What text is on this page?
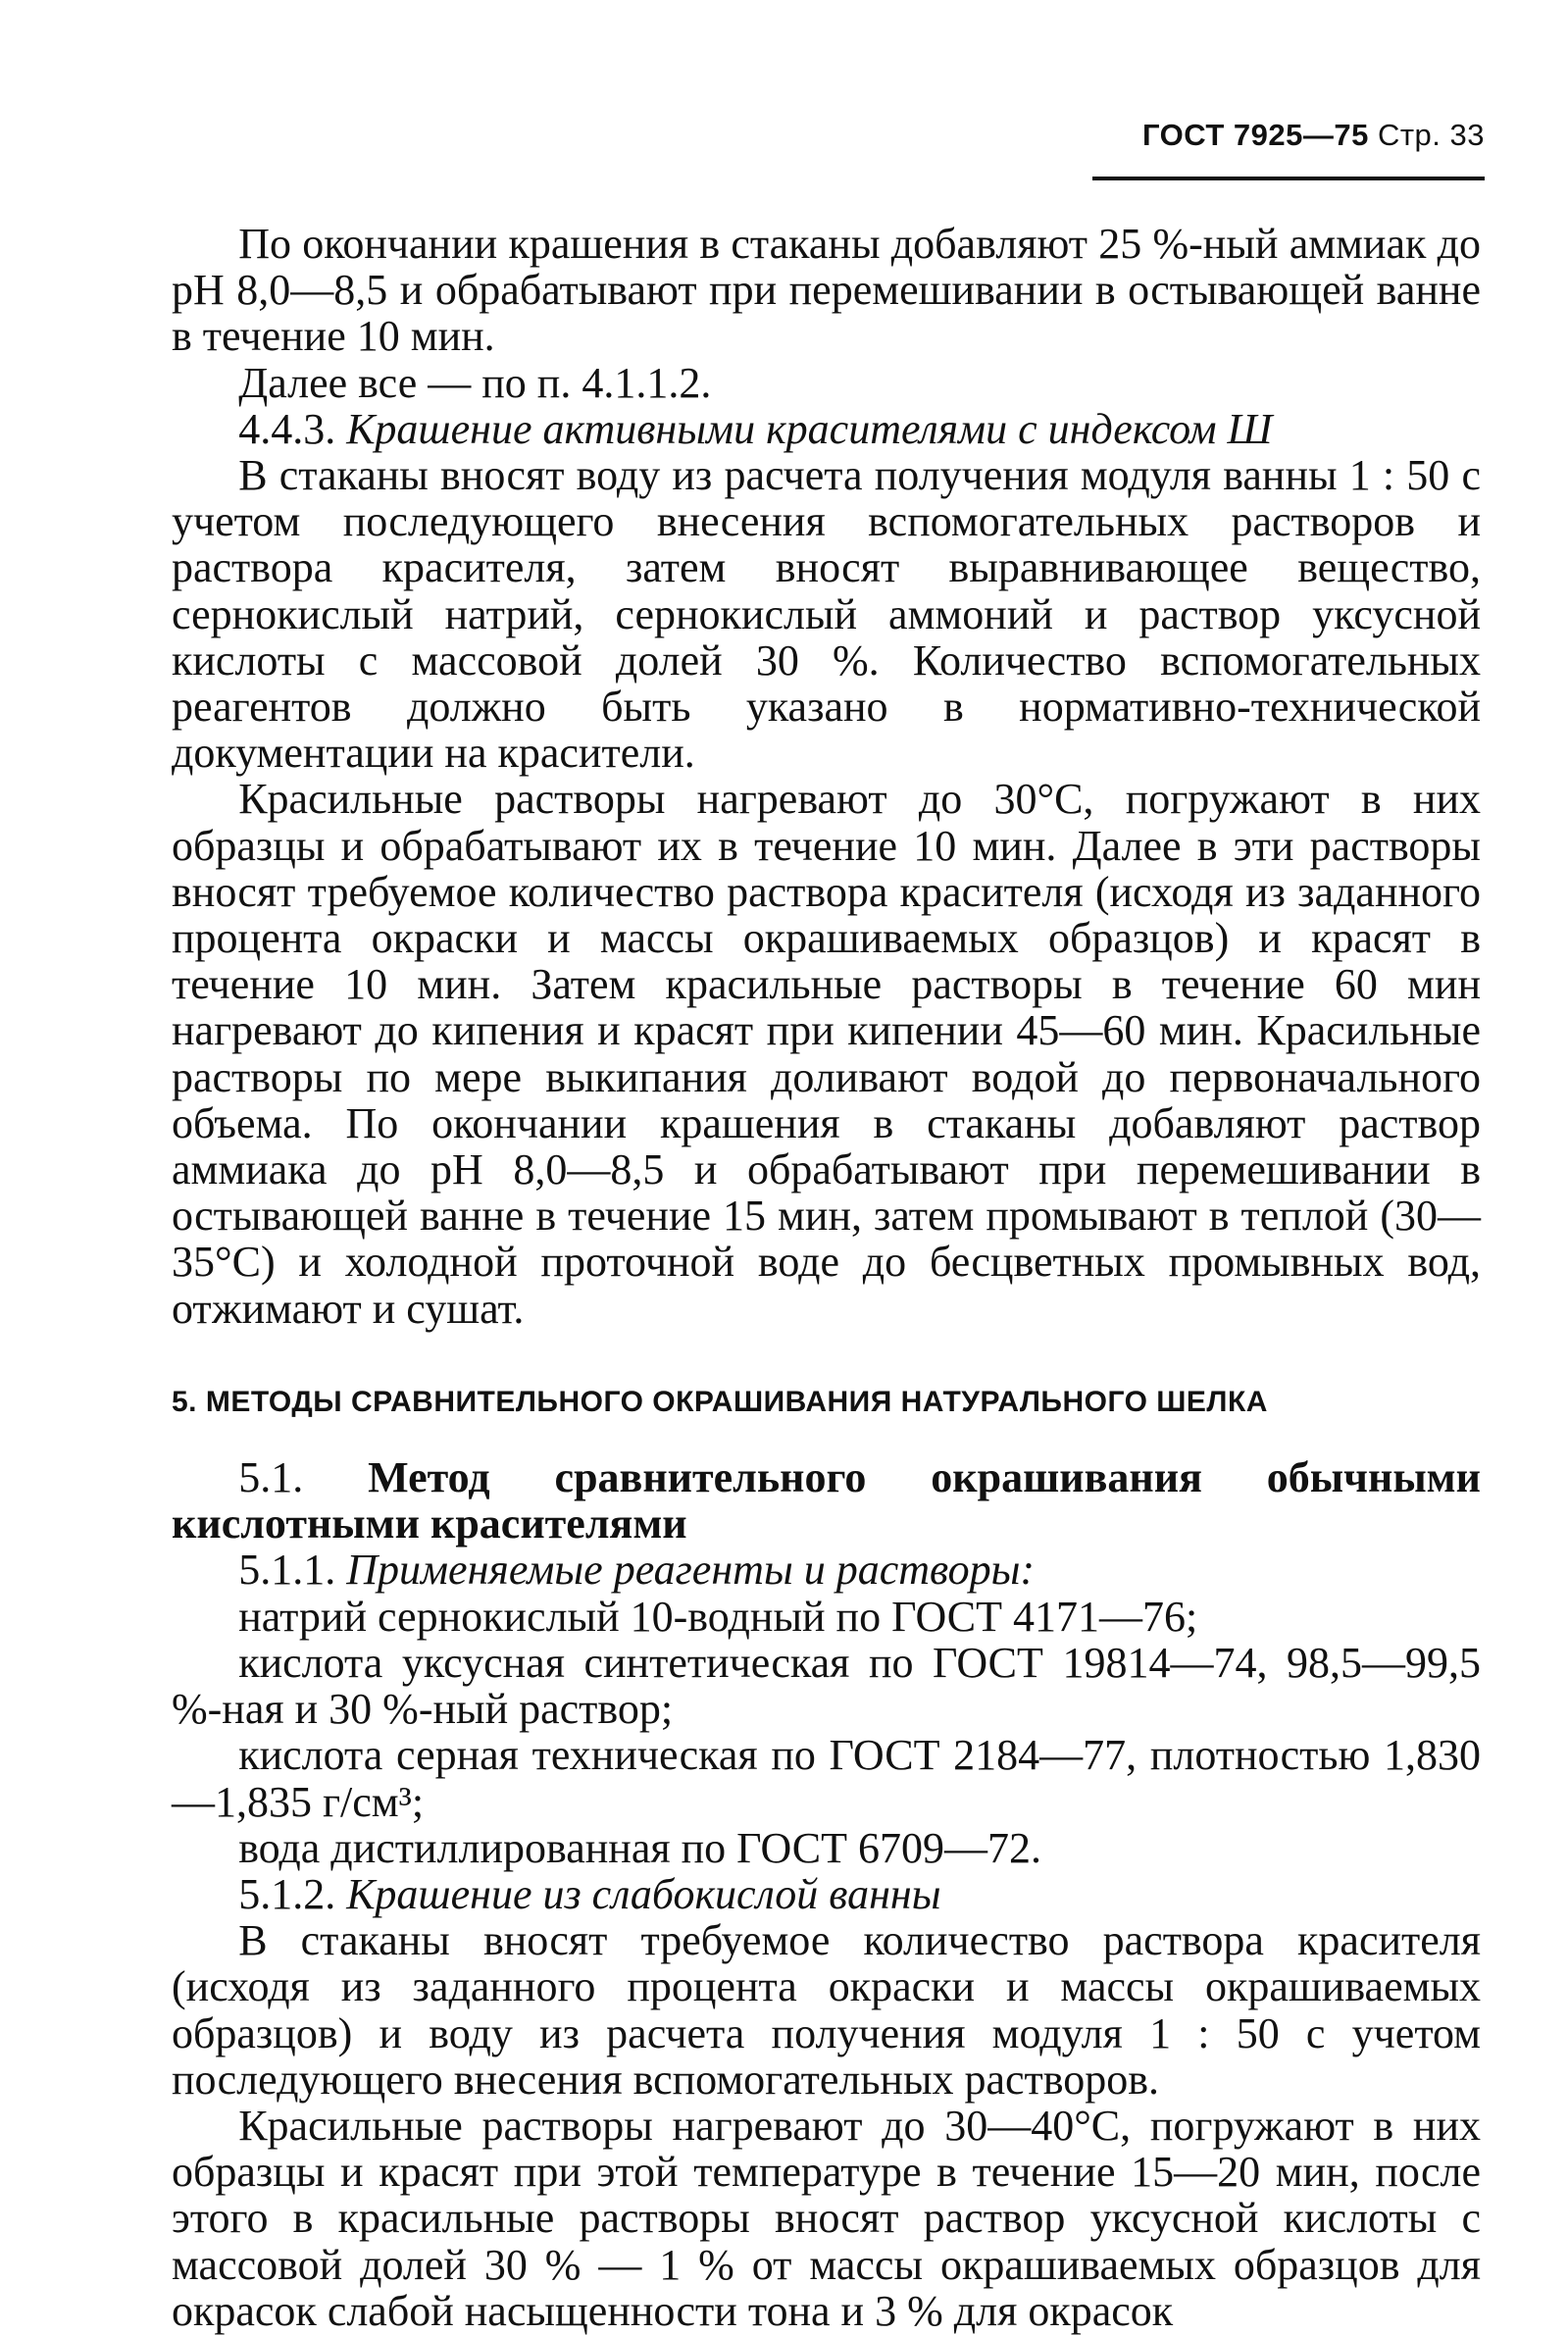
ГОСТ 7925—75 Стр. 33

По окончании крашения в стаканы добавляют 25 %-ный аммиак до pH 8,0—8,5 и обрабатывают при перемешивании в остывающей ванне в течение 10 мин.

Далее все — по п. 4.1.1.2.

4.4.3. Крашение активными красителями с индексом Ш

В стаканы вносят воду из расчета получения модуля ванны 1 : 50 с учетом последующего внесения вспомогательных растворов и раствора красителя, затем вносят выравнивающее вещество, сернокислый натрий, сернокислый аммоний и раствор уксусной кислоты с массовой долей 30 %. Количество вспомогательных реагентов должно быть указано в нормативно-технической документации на красители.

Красильные растворы нагревают до 30°С, погружают в них образцы и обрабатывают их в течение 10 мин. Далее в эти растворы вносят требуемое количество раствора красителя (исходя из заданного процента окраски и массы окрашиваемых образцов) и красят в течение 10 мин. Затем красильные растворы в течение 60 мин нагревают до кипения и красят при кипении 45—60 мин. Красильные растворы по мере выкипания доливают водой до первоначального объема. По окончании крашения в стаканы добавляют раствор аммиака до pH 8,0—8,5 и обрабатывают при перемешивании в остывающей ванне в течение 15 мин, затем промывают в теплой (30—35°С) и холодной проточной воде до бесцветных промывных вод, отжимают и сушат.

5. МЕТОДЫ СРАВНИТЕЛЬНОГО ОКРАШИВАНИЯ НАТУРАЛЬНОГО ШЕЛКА

5.1. Метод сравнительного окрашивания обычными кислотными красителями

5.1.1. Применяемые реагенты и растворы:

натрий сернокислый 10-водный по ГОСТ 4171—76;

кислота уксусная синтетическая по ГОСТ 19814—74, 98,5—99,5 %-ная и 30 %-ный раствор;

кислота серная техническая по ГОСТ 2184—77, плотностью 1,830—1,835 г/см³;

вода дистиллированная по ГОСТ 6709—72.

5.1.2. Крашение из слабокислой ванны

В стаканы вносят требуемое количество раствора красителя (исходя из заданного процента окраски и массы окрашиваемых образцов) и воду из расчета получения модуля 1 : 50 с учетом последующего внесения вспомогательных растворов.

Красильные растворы нагревают до 30—40°С, погружают в них образцы и красят при этой температуре в течение 15—20 мин, после этого в красильные растворы вносят раствор уксусной кислоты с массовой долей 30 % — 1 % от массы окрашиваемых образцов для окрасок слабой насыщенности тона и 3 % для окрасок
